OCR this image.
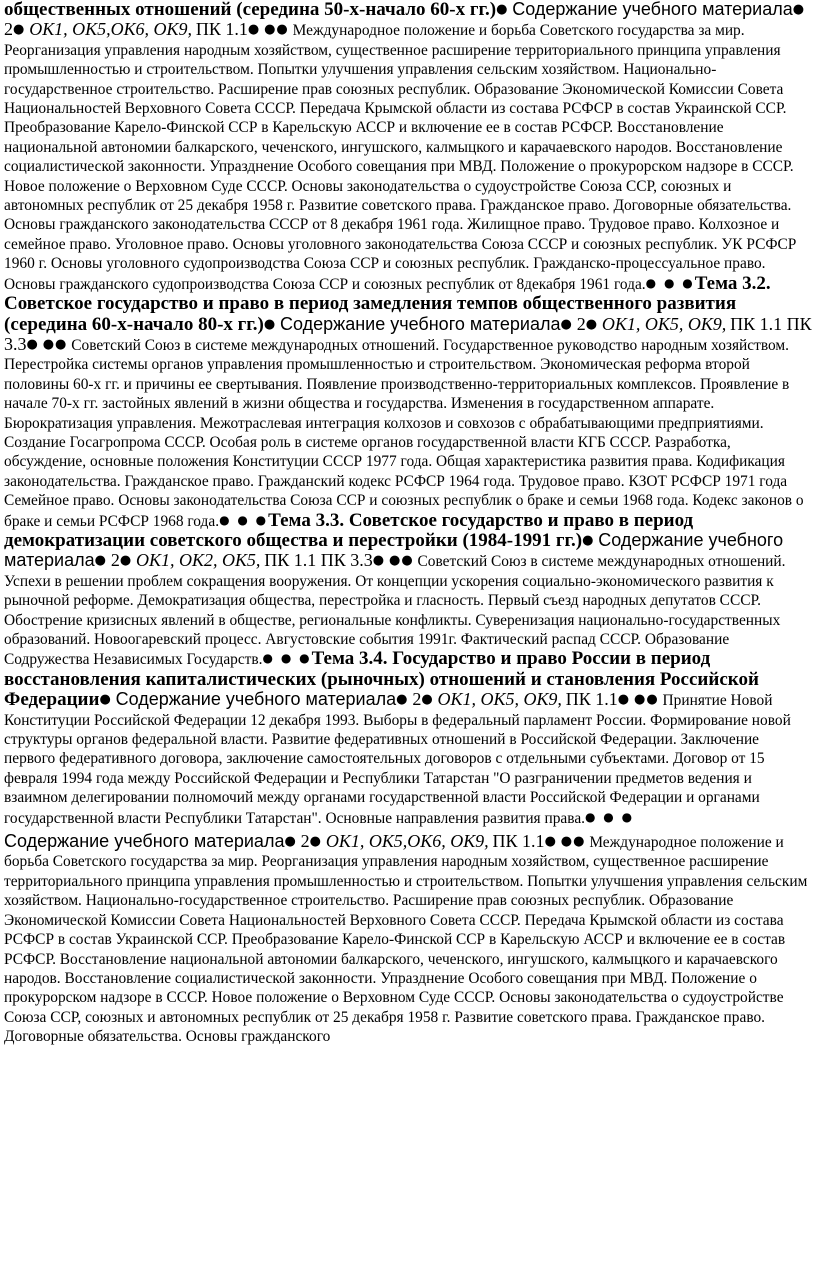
общественных отношений (середина 50-х-начало 60-х гг.)● Содержание учебного материала● 2● ОК1, ОК5,ОК6, ОК9, ПК 1.1● ●● Международное положение и борьба Советского государства за мир. Реорганизация управления народным хозяйством, существенное расширение территориального принципа управления промышленностью и строительством. Попытки улучшения управления сельским хозяйством. Национально-государственное строительство. Расширение прав союзных республик. Образование Экономической Комиссии Совета Национальностей Верховного Совета СССР. Передача Крымской области из состава РСФСР в состав Украинской ССР. Преобразование Карело-Финской ССР в Карельскую АССР и включение ее в состав РСФСР. Восстановление национальной автономии балкарского, чеченского, ингушского, калмыцкого и карачаевского народов. Восстановление социалистической законности. Упразднение Особого совещания при МВД. Положение о прокурорском надзоре в СССР. Новое положение о Верховном Суде СССР. Основы законодательства о судоустройстве Союза ССР, союзных и автономных республик от 25 декабря 1958 г. Развитие советского права. Гражданское право. Договорные обязательства. Основы гражданского законодательства СССР от 8 декабря 1961 года. Жилищное право. Трудовое право. Колхозное и семейное право. Уголовное право. Основы уголовного законодательства Союза СССР и союзных республик. УК РСФСР 1960 г. Основы уголовного судопроизводства Союза ССР и союзных республик. Гражданско-процессуальное право. Основы гражданского судопроизводства Союза ССР и союзных республик от 8декабря 1961 года.● ● ●Тема 3.2. Советское государство и право в период замедления темпов общественного развития (середина 60-х-начало 80-х гг.)● Содержание учебного материала● 2● ОК1, ОК5, ОК9, ПК 1.1 ПК 3.3● ●● Советский Союз в системе международных отношений. Государственное руководство народным хозяйством. Перестройка системы органов управления промышленностью и строительством. Экономическая реформа второй половины 60-х гг. и причины ее свертывания. Появление производственно-территориальных комплексов. Проявление в начале 70-х гг. застойных явлений в жизни общества и государства. Изменения в государственном аппарате. Бюрократизация управления. Межотраслевая интеграция колхозов и совхозов с обрабатывающими предприятиями. Создание Госагропрома СССР. Особая роль в системе органов государственной власти КГБ СССР. Разработка, обсуждение, основные положения Конституции СССР 1977 года. Общая характеристика развития права. Кодификация законодательства. Гражданское право. Гражданский кодекс РСФСР 1964 года. Трудовое право. КЗОТ РСФСР 1971 года Семейное право. Основы законодательства Союза ССР и союзных республик о браке и семьи 1968 года. Кодекс законов о браке и семьи РСФСР 1968 года.● ● ●Тема 3.3. Советское государство и право в период демократизации советского общества и перестройки (1984-1991 гг.)● Содержание учебного материала● 2● ОК1, ОК2, ОК5, ПК 1.1 ПК 3.3● ●● Советский Союз в системе международных отношений. Успехи в решении проблем сокращения вооружения. От концепции ускорения социально-экономического развития к рыночной реформе. Демократизация общества, перестройка и гласность. Первый съезд народных депутатов СССР. Обострение кризисных явлений в обществе, региональные конфликты. Суверенизация национально-государственных образований. Новоогаревский процесс. Августовские события 1991г. Фактический распад СССР. Образование Содружества Независимых Государств.● ● ●Тема 3.4. Государство и право России в период восстановления капиталистических (рыночных) отношений и становления Российской Федерации● Содержание учебного материала● 2● ОК1, ОК5, ОК9, ПК 1.1● ●● Принятие Новой Конституции Российской Федерации 12 декабря 1993. Выборы в федеральный парламент России. Формирование новой структуры органов федеральной власти. Развитие федеративных отношений в Российской Федерации. Заключение первого федеративного договора, заключение самостоятельных договоров с отдельными субъектами. Договор от 15 февраля 1994 года между Российской Федерации и Республики Татарстан "О разграничении предметов ведения и взаимном делегировании полномочий между органами государственной власти Российской Федерации и органами государственной власти Республики Татарстан". Основные направления развития права.● ● ●

Содержание учебного материала● 2● ОК1, ОК5,ОК6, ОК9, ПК 1.1● ●● Международное положение и борьба Советского государства за мир. Реорганизация управления народным хозяйством, существенное расширение территориального принципа управления промышленностью и строительством. Попытки улучшения управления сельским хозяйством. Национально-государственное строительство. Расширение прав союзных республик. Образование Экономической Комиссии Совета Национальностей Верховного Совета СССР. Передача Крымской области из состава РСФСР в состав Украинской ССР. Преобразование Карело-Финской ССР в Карельскую АССР и включение ее в состав РСФСР. Восстановление национальной автономии балкарского, чеченского, ингушского, калмыцкого и карачаевского народов. Восстановление социалистической законности. Упразднение Особого совещания при МВД. Положение о прокурорском надзоре в СССР. Новое положение о Верховном Суде СССР. Основы законодательства о судоустройстве Союза ССР, союзных и автономных республик от 25 декабря 1958 г. Развитие советского права. Гражданское право. Договорные обязательства. Основы гражданского
